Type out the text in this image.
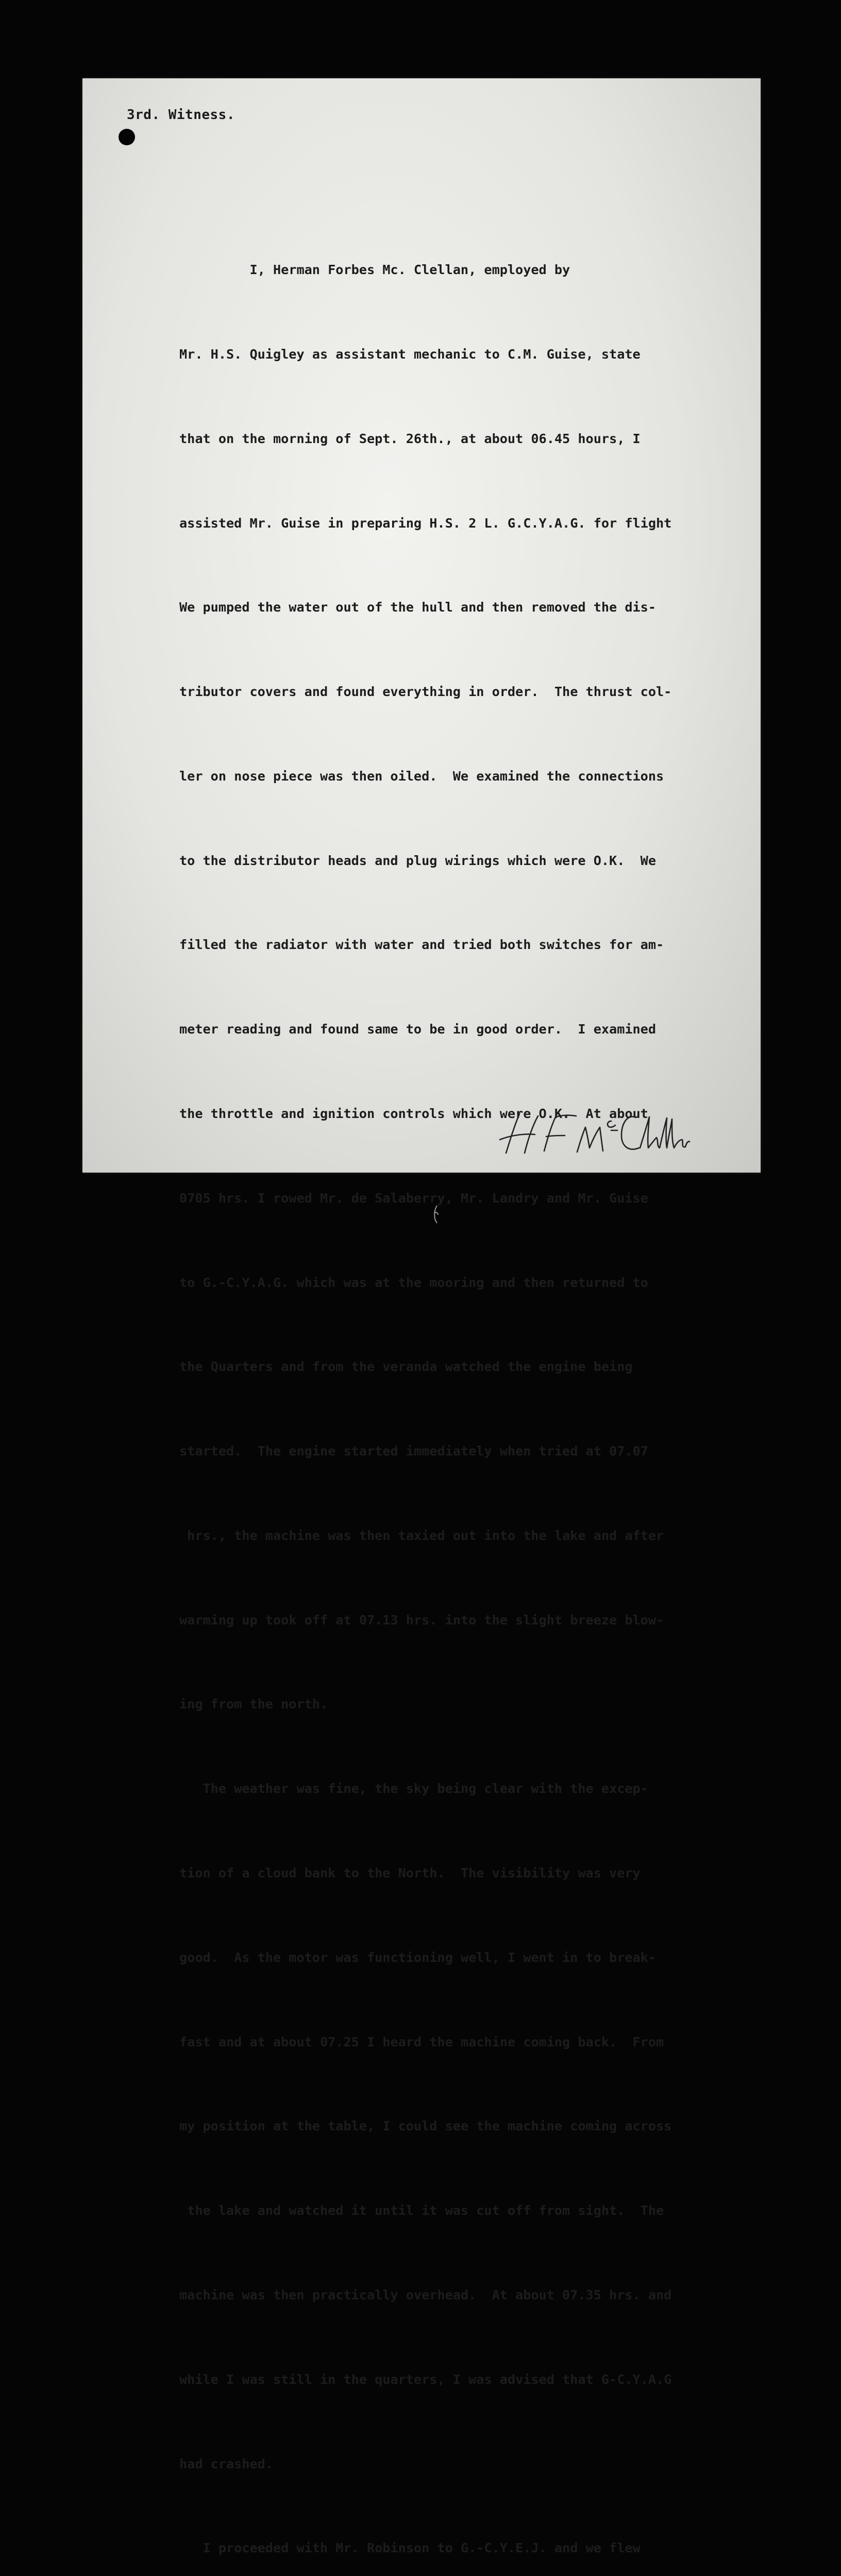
3rd. Witness.

I, Herman Forbes Mc. Clellan, employed by

Mr. H.S. Quigley as assistant mechanic to C.M. Guise, state

that on the morning of Sept. 26th., at about 06.45 hours, I

assisted Mr. Guise in preparing H.S. 2 L. G.C.Y.A.G. for flight

We pumped the water out of the hull and then removed the dis-

tributor covers and found everything in order.  The thrust col-

ler on nose piece was then oiled.  We examined the connections

to the distributor heads and plug wirings which were O.K.  We

filled the radiator with water and tried both switches for am-

meter reading and found same to be in good order.  I examined

the throttle and ignition controls which were O.K.  At about

0705 hrs. I rowed Mr. de Salaberry, Mr. Landry and Mr. Guise

to G.-C.Y.A.G. which was at the mooring and then returned to

the Quarters and from the veranda watched the engine being

started.  The engine started immediately when tried at 07.07

hrs., the machine was then taxied out into the lake and after

warming up took off at 07.13 hrs. into the slight breeze blow-

ing from the north.

The weather was fine, the sky being clear with the excep-

tion of a cloud bank to the North.  The visibility was very

good.  As the motor was functioning well, I went in to break-

fast and at about 07.25 I heard the machine coming back.  From

my position at the table, I could see the machine coming across

the lake and watched it until it was cut off from sight.  The

machine was then practically overhead.  At about 07.35 hrs. and

while I was still in the quarters, I was advised that G-C.Y.A.G

had crashed.

I proceeded with Mr. Robinson to G.-C.Y.E.J. and we flew
